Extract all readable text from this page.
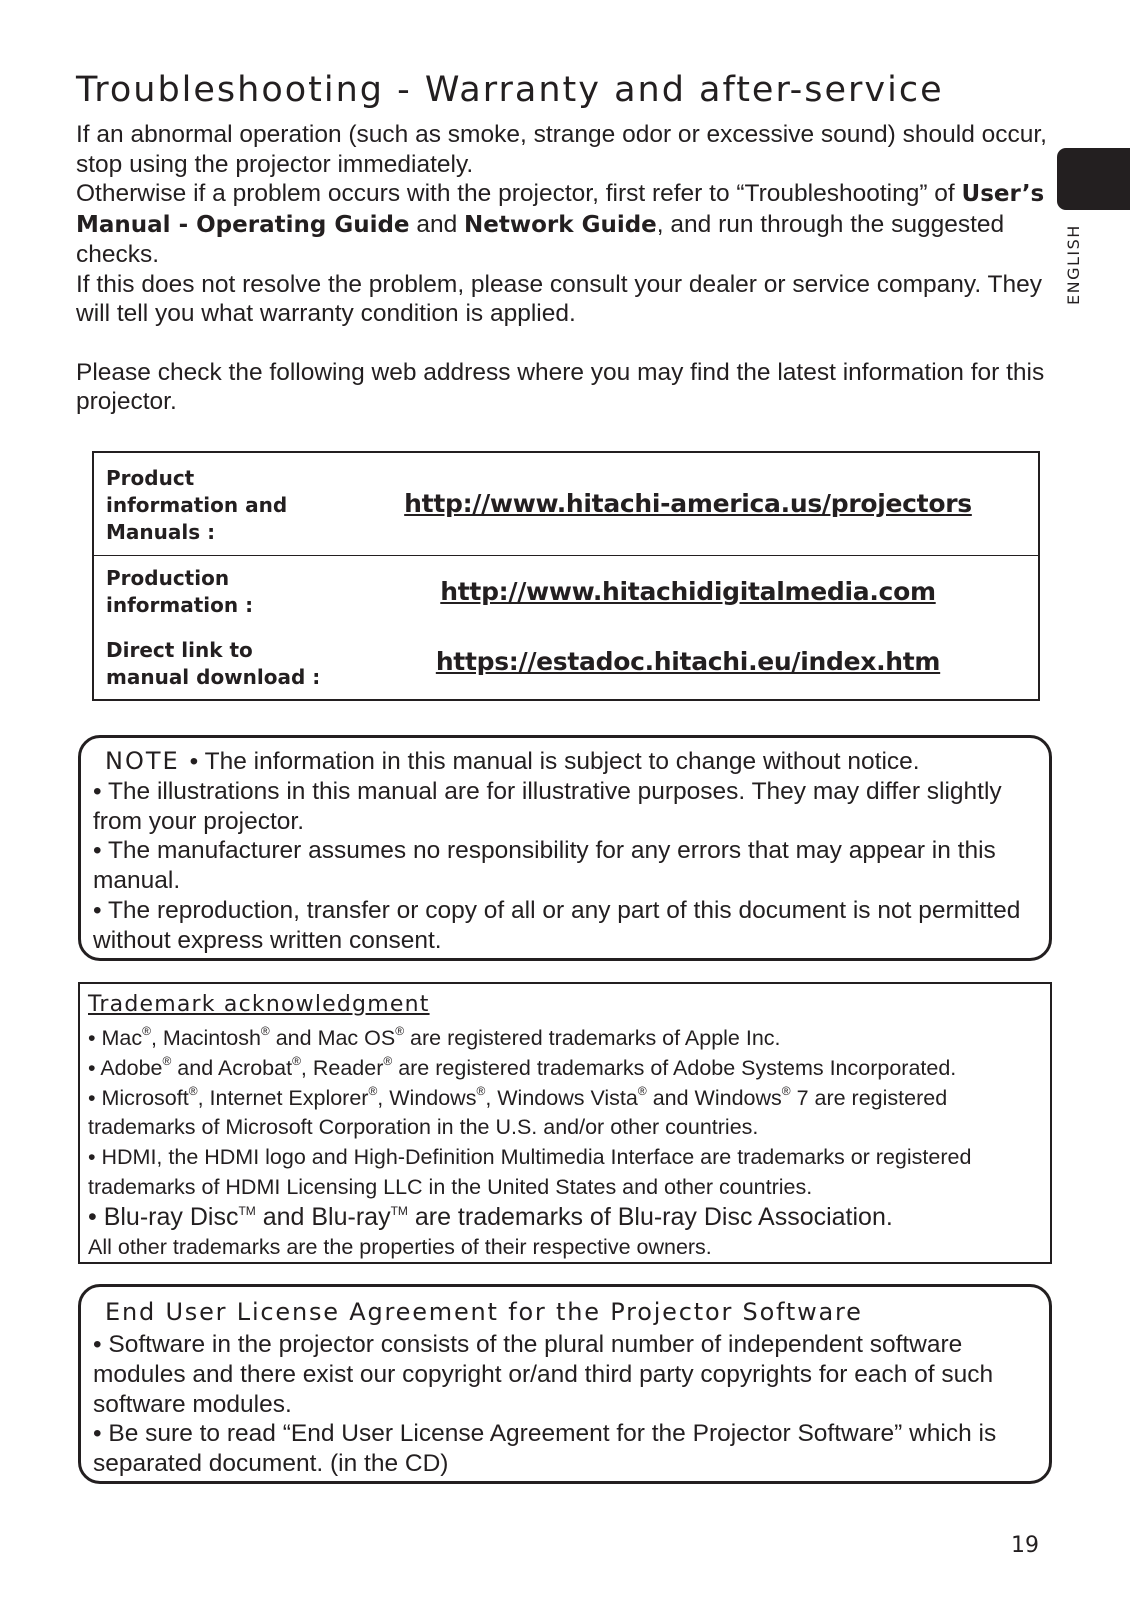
Troubleshooting - Warranty and after-service

If an abnormal operation (such as smoke, strange odor or excessive sound) should occur, stop using the projector immediately.

Otherwise if a problem occurs with the projector, first refer to “Troubleshooting” of User’s Manual - Operating Guide and Network Guide, and run through the suggested checks.

If this does not resolve the problem, please consult your dealer or service company. They will tell you what warranty condition is applied.

Please check the following web address where you may find the latest information for this projector.

ENGLISH
Product
information and
Manuals :
http://www.hitachi-america.us/projectors
Production
information :	http://www.hitachidigitalmedia.com
Direct link to
manual download :
https://estadoc.hitachi.eu/index.htm

NOTE • The information in this manual is subject to change without notice.

• The illustrations in this manual are for illustrative purposes. They may differ slightly from your projector.

• The manufacturer assumes no responsibility for any errors that may appear in this manual.

• The reproduction, transfer or copy of all or any part of this document is not permitted without express written consent.

Trademark acknowledgment

• Mac®, Macintosh® and Mac OS® are registered trademarks of Apple Inc.

• Adobe® and Acrobat®, Reader® are registered trademarks of Adobe Systems Incorporated.

• Microsoft®, Internet Explorer®, Windows®, Windows Vista® and Windows® 7 are registered trademarks of Microsoft Corporation in the U.S. and/or other countries.

• HDMI, the HDMI logo and High-Definition Multimedia Interface are trademarks or registered trademarks of HDMI Licensing LLC in the United States and other countries.

• Blu-ray Disc™ and Blu-ray™ are trademarks of Blu-ray Disc Association.

All other trademarks are the properties of their respective owners.

End User License Agreement for the Projector Software

• Software in the projector consists of the plural number of independent software modules and there exist our copyright or/and third party copyrights for each of such software modules.

• Be sure to read “End User License Agreement for the Projector Software” which is separated document. (in the CD)

19
